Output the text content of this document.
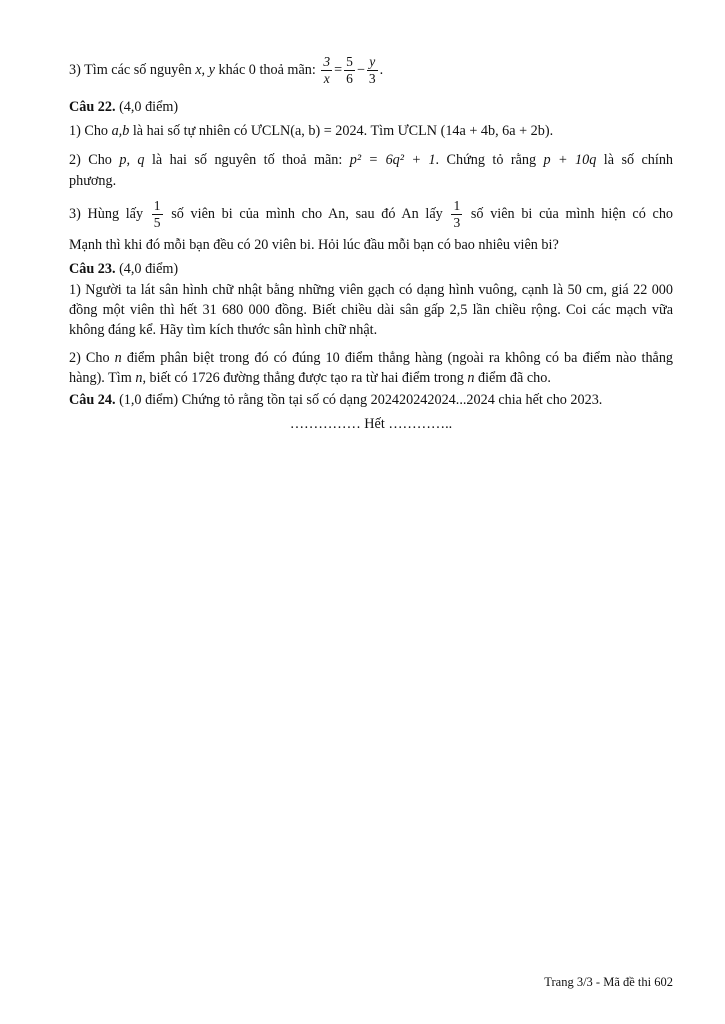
3) Tìm các số nguyên x, y khác 0 thoả mãn: $\frac{3}{x} = \frac{5}{6} - \frac{y}{3}$ .
Câu 22. (4,0 điểm)
1) Cho a,b là hai số tự nhiên có ƯCLN(a, b) = 2024. Tìm ƯCLN (14a + 4b, 6a + 2b).
2) Cho p, q là hai số nguyên tố thoả mãn: p² = 6q² + 1. Chứng tỏ rằng p + 10q là số chính
phương.
3) Hùng lấy $\frac{1}{5}$ số viên bi của mình cho An, sau đó An lấy $\frac{1}{3}$ số viên bi của mình hiện có cho
Mạnh thì khi đó mỗi bạn đều có 20 viên bi. Hỏi lúc đầu mỗi bạn có bao nhiêu viên bi?
Câu 23. (4,0 điểm)
1) Người ta lát sân hình chữ nhật bằng những viên gạch có dạng hình vuông, cạnh là 50 cm, giá 22 000 đồng một viên thì hết 31 680 000 đồng. Biết chiều dài sân gấp 2,5 lần chiều rộng. Coi các mạch vữa không đáng kể. Hãy tìm kích thước sân hình chữ nhật.
2) Cho n điểm phân biệt trong đó có đúng 10 điểm thẳng hàng (ngoài ra không có ba điểm nào thẳng hàng). Tìm n, biết có 1726 đường thẳng được tạo ra từ hai điểm trong n điểm đã cho.
Câu 24. (1,0 điểm) Chứng tỏ rằng tồn tại số có dạng 202420242024...2024 chia hết cho 2023.
…………… Hết …………..
Trang 3/3 - Mã đề thi 602
